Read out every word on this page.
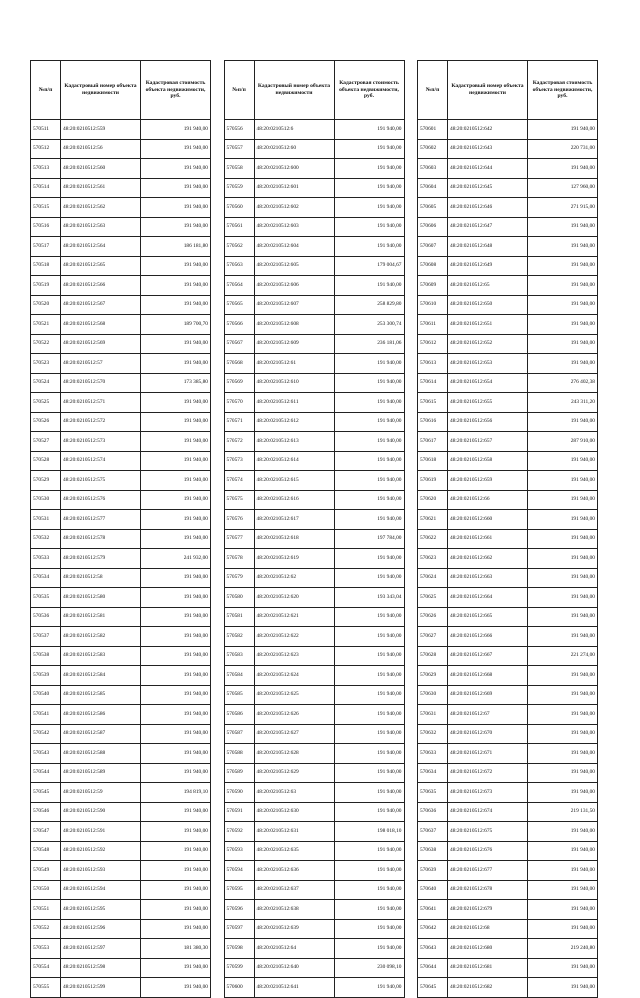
№п/п	Кадастровый номер объекта недвижимости	Кадастровая стоимость объекта недвижимости, руб.
570511	48:20:0210512:559	191 940,00
570512	48:20:0210512:56	191 940,00
570513	48:20:0210512:560	191 940,00
570514	48:20:0210512:561	191 940,00
570515	48:20:0210512:562	191 940,00
570516	48:20:0210512:563	191 940,00
570517	48:20:0210512:564	186 181,80
570518	48:20:0210512:565	191 940,00
570519	48:20:0210512:566	191 940,00
570520	48:20:0210512:567	191 940,00
570521	48:20:0210512:568	189 700,70
570522	48:20:0210512:569	191 940,00
570523	48:20:0210512:57	191 940,00
570524	48:20:0210512:570	173 385,80
570525	48:20:0210512:571	191 940,00
570526	48:20:0210512:572	191 940,00
570527	48:20:0210512:573	191 940,00
570528	48:20:0210512:574	191 940,00
570529	48:20:0210512:575	191 940,00
570530	48:20:0210512:576	191 940,00
570531	48:20:0210512:577	191 940,00
570532	48:20:0210512:578	191 940,00
570533	48:20:0210512:579	241 932,00
570534	48:20:0210512:58	191 940,00
570535	48:20:0210512:580	191 940,00
570536	48:20:0210512:581	191 940,00
570537	48:20:0210512:582	191 940,00
570538	48:20:0210512:583	191 940,00
570539	48:20:0210512:584	191 940,00
570540	48:20:0210512:585	191 940,00
570541	48:20:0210512:586	191 940,00
570542	48:20:0210512:587	191 940,00
570543	48:20:0210512:588	191 940,00
570544	48:20:0210512:589	191 940,00
570545	48:20:0210512:59	194 819,10
570546	48:20:0210512:590	191 940,00
570547	48:20:0210512:591	191 940,00
570548	48:20:0210512:592	191 940,00
570549	48:20:0210512:593	191 940,00
570550	48:20:0210512:594	191 940,00
570551	48:20:0210512:595	191 940,00
570552	48:20:0210512:596	191 940,00
570553	48:20:0210512:597	181 380,30
570554	48:20:0210512:598	191 940,00
570555	48:20:0210512:599	191 940,00
№п/п	Кадастровый номер объекта недвижимости	Кадастровая стоимость объекта недвижимости, руб.
570556	48:20:0210512:6	191 940,00
570557	48:20:0210512:60	191 940,00
570558	48:20:0210512:600	191 940,00
570559	48:20:0210512:601	191 940,00
570560	48:20:0210512:602	191 940,00
570561	48:20:0210512:603	191 940,00
570562	48:20:0210512:604	191 940,00
570563	48:20:0210512:605	179 004,67
570564	48:20:0210512:606	191 940,00
570565	48:20:0210512:607	258 829,80
570566	48:20:0210512:608	253 300,74
570567	48:20:0210512:609	236 181,06
570568	48:20:0210512:61	191 940,00
570569	48:20:0210512:610	191 940,00
570570	48:20:0210512:611	191 940,00
570571	48:20:0210512:612	191 940,00
570572	48:20:0210512:613	191 940,00
570573	48:20:0210512:614	191 940,00
570574	48:20:0210512:615	191 940,00
570575	48:20:0210512:616	191 940,00
570576	48:20:0210512:617	191 940,00
570577	48:20:0210512:618	197 784,00
570578	48:20:0210512:619	191 940,00
570579	48:20:0210512:62	191 940,00
570580	48:20:0210512:620	193 343,04
570581	48:20:0210512:621	191 940,00
570582	48:20:0210512:622	191 940,00
570583	48:20:0210512:623	191 940,00
570584	48:20:0210512:624	191 940,00
570585	48:20:0210512:625	191 940,00
570586	48:20:0210512:626	191 940,00
570587	48:20:0210512:627	191 940,00
570588	48:20:0210512:628	191 940,00
570589	48:20:0210512:629	191 940,00
570590	48:20:0210512:63	191 940,00
570591	48:20:0210512:630	191 940,00
570592	48:20:0210512:631	198 018,10
570593	48:20:0210512:635	191 940,00
570594	48:20:0210512:636	191 940,00
570595	48:20:0210512:637	191 940,00
570596	48:20:0210512:638	191 940,00
570597	48:20:0210512:639	191 940,00
570598	48:20:0210512:64	191 940,00
570599	48:20:0210512:640	230 098,10
570600	48:20:0210512:641	191 940,00
№п/п	Кадастровый номер объекта недвижимости	Кадастровая стоимость объекта недвижимости, руб.
570601	48:20:0210512:642	191 940,00
570602	48:20:0210512:643	220 731,00
570603	48:20:0210512:644	191 940,00
570604	48:20:0210512:645	127 960,00
570605	48:20:0210512:646	271 915,00
570606	48:20:0210512:647	191 940,00
570607	48:20:0210512:648	191 940,00
570608	48:20:0210512:649	191 940,00
570609	48:20:0210512:65	191 940,00
570610	48:20:0210512:650	191 940,00
570611	48:20:0210512:651	191 940,00
570612	48:20:0210512:652	191 940,00
570613	48:20:0210512:653	191 940,00
570614	48:20:0210512:654	276 402,38
570615	48:20:0210512:655	243 311,20
570616	48:20:0210512:656	191 940,00
570617	48:20:0210512:657	287 910,00
570618	48:20:0210512:658	191 940,00
570619	48:20:0210512:659	191 940,00
570620	48:20:0210512:66	191 940,00
570621	48:20:0210512:660	191 940,00
570622	48:20:0210512:661	191 940,00
570623	48:20:0210512:662	191 940,00
570624	48:20:0210512:663	191 940,00
570625	48:20:0210512:664	191 940,00
570626	48:20:0210512:665	191 940,00
570627	48:20:0210512:666	191 940,00
570628	48:20:0210512:667	221 274,00
570629	48:20:0210512:668	191 940,00
570630	48:20:0210512:669	191 940,00
570631	48:20:0210512:67	191 940,00
570632	48:20:0210512:670	191 940,00
570633	48:20:0210512:671	191 940,00
570634	48:20:0210512:672	191 940,00
570635	48:20:0210512:673	191 940,00
570636	48:20:0210512:674	219 131,50
570637	48:20:0210512:675	191 940,00
570638	48:20:0210512:676	191 940,00
570639	48:20:0210512:677	191 940,00
570640	48:20:0210512:678	191 940,00
570641	48:20:0210512:679	191 940,00
570642	48:20:0210512:68	191 940,00
570643	48:20:0210512:680	219 240,80
570644	48:20:0210512:681	191 940,00
570645	48:20:0210512:682	191 940,00
